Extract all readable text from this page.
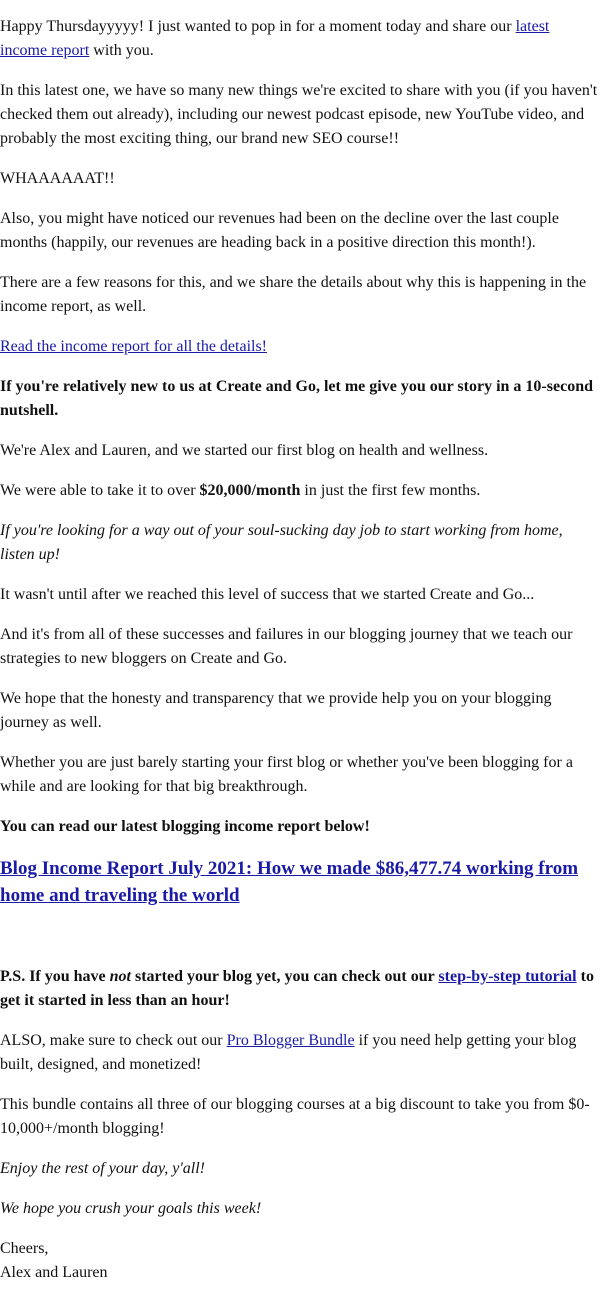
Happy Thursdayyyyy! I just wanted to pop in for a moment today and share our latest income report with you.

In this latest one, we have so many new things we're excited to share with you (if you haven't checked them out already), including our newest podcast episode, new YouTube video, and probably the most exciting thing, our brand new SEO course!!

WHAAAAAAT!!

Also, you might have noticed our revenues had been on the decline over the last couple months (happily, our revenues are heading back in a positive direction this month!).

There are a few reasons for this, and we share the details about why this is happening in the income report, as well.

Read the income report for all the details!

If you're relatively new to us at Create and Go, let me give you our story in a 10-second nutshell.

We're Alex and Lauren, and we started our first blog on health and wellness.

We were able to take it to over $20,000/month in just the first few months.

If you're looking for a way out of your soul-sucking day job to start working from home, listen up!

It wasn't until after we reached this level of success that we started Create and Go...

And it's from all of these successes and failures in our blogging journey that we teach our strategies to new bloggers on Create and Go.

We hope that the honesty and transparency that we provide help you on your blogging journey as well.

Whether you are just barely starting your first blog or whether you've been blogging for a while and are looking for that big breakthrough.

You can read our latest blogging income report below!

Blog Income Report July 2021: How we made $86,477.74 working from home and traveling the world

P.S. If you have not started your blog yet, you can check out our step-by-step tutorial to get it started in less than an hour!

ALSO, make sure to check out our Pro Blogger Bundle if you need help getting your blog built, designed, and monetized!

This bundle contains all three of our blogging courses at a big discount to take you from $0-10,000+/month blogging!

Enjoy the rest of your day, y'all!

We hope you crush your goals this week!

Cheers,
Alex and Lauren
